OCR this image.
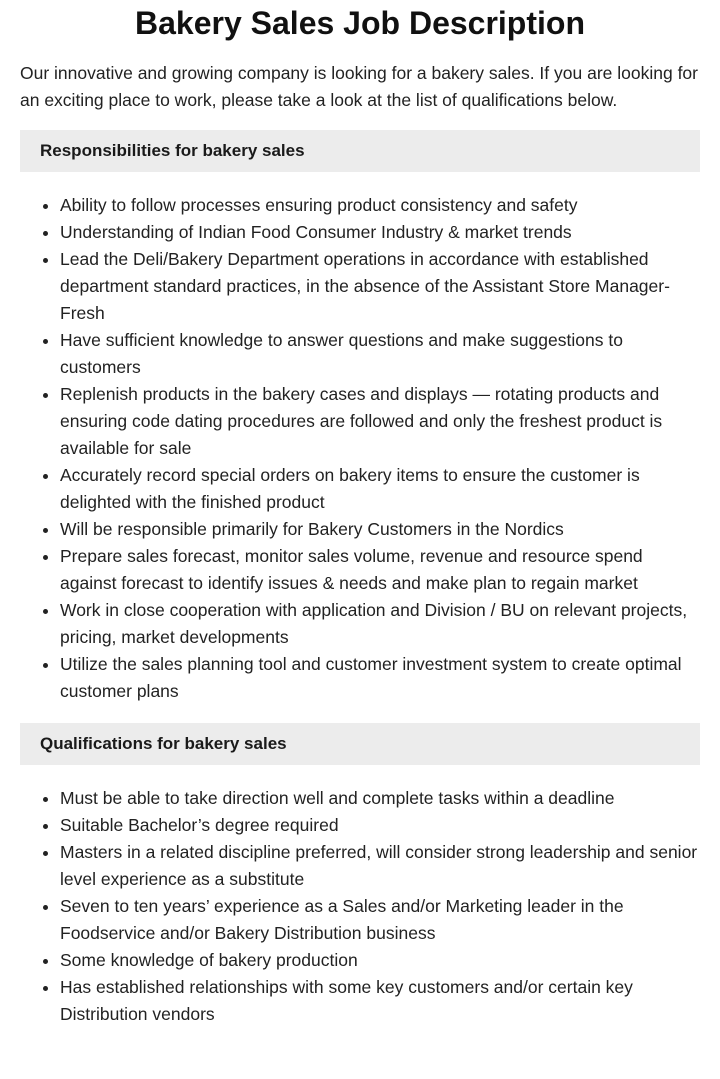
Bakery Sales Job Description

Our innovative and growing company is looking for a bakery sales. If you are looking for an exciting place to work, please take a look at the list of qualifications below.

Responsibilities for bakery sales
• Ability to follow processes ensuring product consistency and safety
• Understanding of Indian Food Consumer Industry & market trends
• Lead the Deli/Bakery Department operations in accordance with established department standard practices, in the absence of the Assistant Store Manager- Fresh
• Have sufficient knowledge to answer questions and make suggestions to customers
• Replenish products in the bakery cases and displays — rotating products and ensuring code dating procedures are followed and only the freshest product is available for sale
• Accurately record special orders on bakery items to ensure the customer is delighted with the finished product
• Will be responsible primarily for Bakery Customers in the Nordics
• Prepare sales forecast, monitor sales volume, revenue and resource spend against forecast to identify issues & needs and make plan to regain market
• Work in close cooperation with application and Division / BU on relevant projects, pricing, market developments
• Utilize the sales planning tool and customer investment system to create optimal customer plans
Qualifications for bakery sales
• Must be able to take direction well and complete tasks within a deadline
• Suitable Bachelor’s degree required
• Masters in a related discipline preferred, will consider strong leadership and senior level experience as a substitute
• Seven to ten years’ experience as a Sales and/or Marketing leader in the Foodservice and/or Bakery Distribution business
• Some knowledge of bakery production
• Has established relationships with some key customers and/or certain key Distribution vendors
